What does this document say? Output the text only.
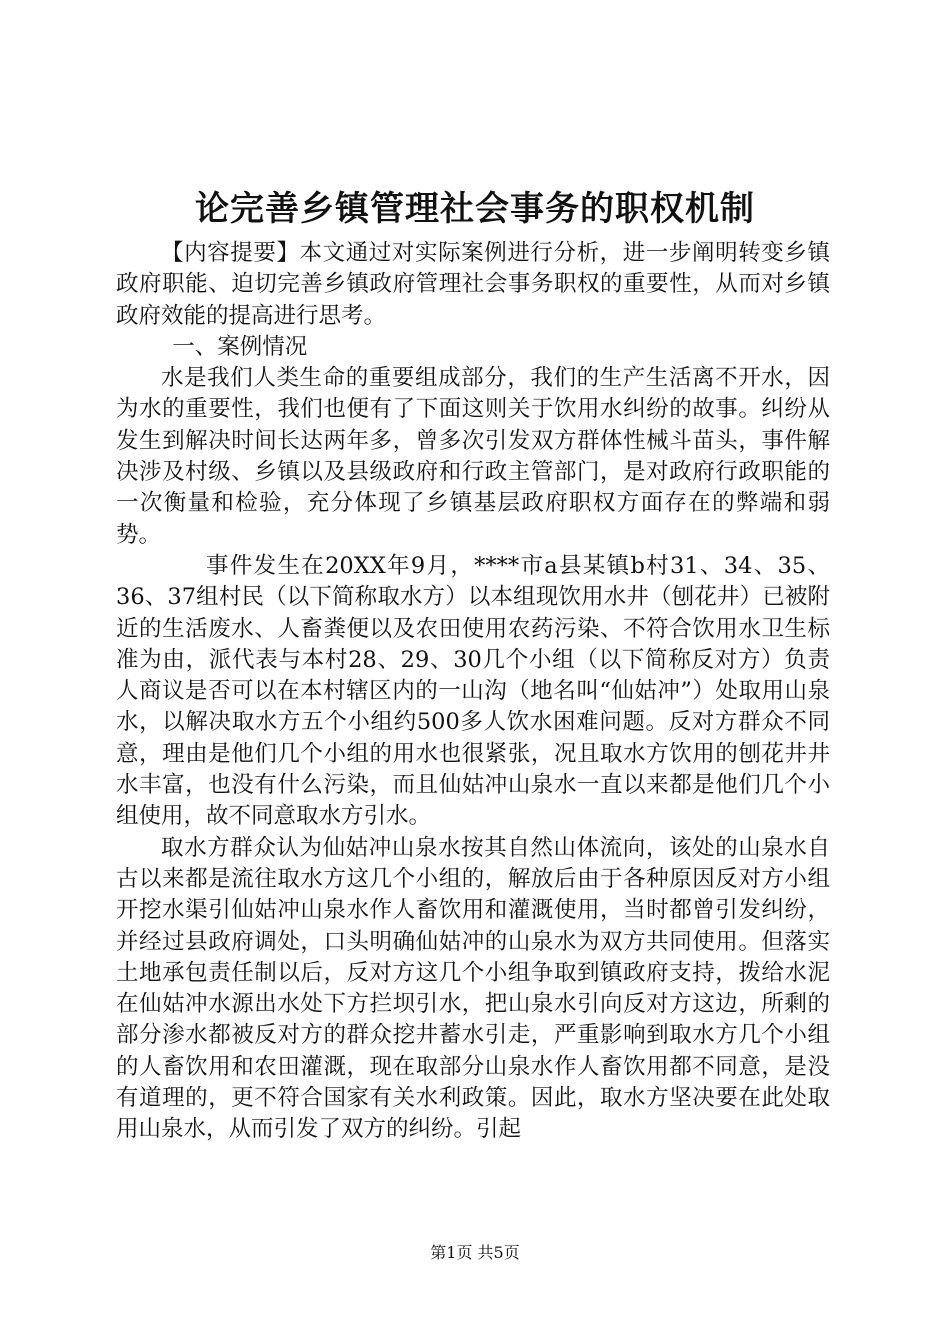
论完善乡镇管理社会事务的职权机制

【内容提要】本文通过对实际案例进行分析，进一步阐明转变乡镇政府职能、迫切完善乡镇政府管理社会事务职权的重要性，从而对乡镇政府效能的提高进行思考。

一、案例情况

水是我们人类生命的重要组成部分，我们的生产生活离不开水，因为水的重要性，我们也便有了下面这则关于饮用水纠纷的故事。纠纷从发生到解决时间长达两年多，曾多次引发双方群体性械斗苗头，事件解决涉及村级、乡镇以及县级政府和行政主管部门，是对政府行政职能的一次衡量和检验，充分体现了乡镇基层政府职权方面存在的弊端和弱势。

事件发生在20XX年9月，****市a县某镇b村31、34、35、36、37组村民（以下简称取水方）以本组现饮用水井（刨花井）已被附近的生活废水、人畜粪便以及农田使用农药污染、不符合饮用水卫生标准为由，派代表与本村28、29、30几个小组（以下简称反对方）负责人商议是否可以在本村辖区内的一山沟（地名叫“仙姑冲”）处取用山泉水，以解决取水方五个小组约500多人饮水困难问题。反对方群众不同意，理由是他们几个小组的用水也很紧张，况且取水方饮用的刨花井井水丰富，也没有什么污染，而且仙姑冲山泉水一直以来都是他们几个小组使用，故不同意取水方引水。

取水方群众认为仙姑冲山泉水按其自然山体流向，该处的山泉水自古以来都是流往取水方这几个小组的，解放后由于各种原因反对方小组开挖水渠引仙姑冲山泉水作人畜饮用和灌溉使用，当时都曾引发纠纷，并经过县政府调处，口头明确仙姑冲的山泉水为双方共同使用。但落实土地承包责任制以后，反对方这几个小组争取到镇政府支持，拨给水泥在仙姑冲水源出水处下方拦坝引水，把山泉水引向反对方这边，所剩的部分渗水都被反对方的群众挖井蓄水引走，严重影响到取水方几个小组的人畜饮用和农田灌溉，现在取部分山泉水作人畜饮用都不同意，是没有道理的，更不符合国家有关水利政策。因此，取水方坚决要在此处取用山泉水，从而引发了双方的纠纷。引起

第1页 共5页
